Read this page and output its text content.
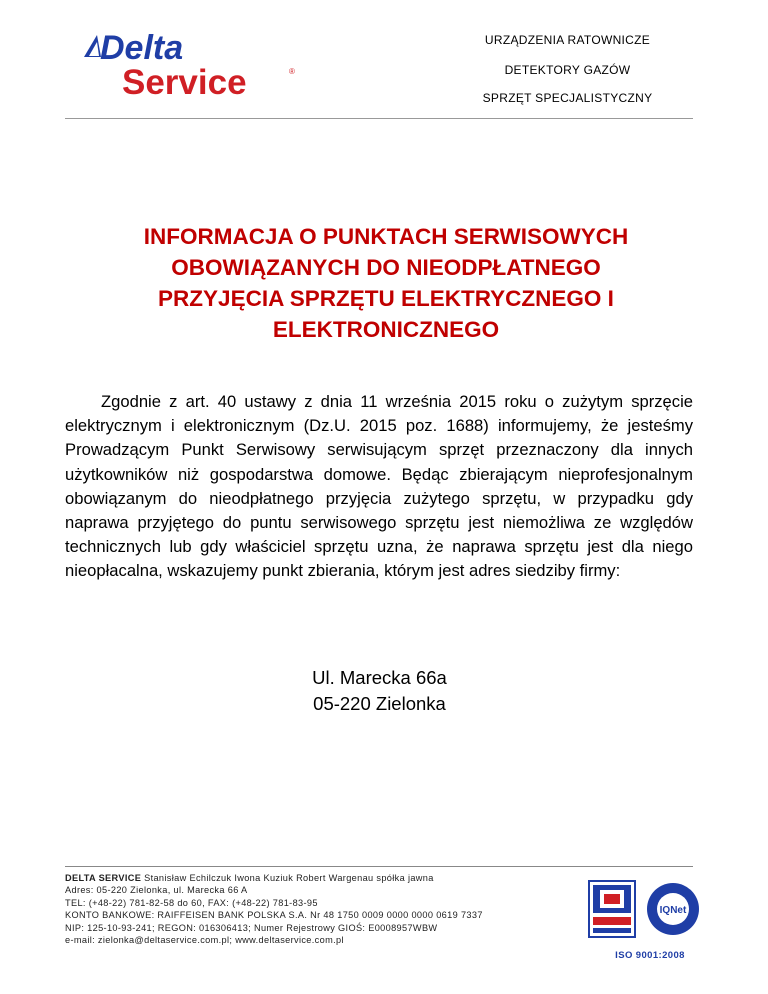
Delta
Service	®
URZĄDZENIA RATOWNICZE
DETEKTORY GAZÓW
SPRZĘT SPECJALISTYCZNY
INFORMACJA O PUNKTACH SERWISOWYCH
OBOWIĄZANYCH DO NIEODPŁATNEGO
PRZYJĘCIA SPRZĘTU ELEKTRYCZNEGO I
ELEKTRONICZNEGO

Zgodnie z art. 40 ustawy z dnia 11 września 2015 roku o zużytym sprzęcie elektrycznym i elektronicznym (Dz.U. 2015 poz. 1688) informujemy, że jesteśmy Prowadzącym Punkt Serwisowy serwisującym sprzęt przeznaczony dla innych użytkowników niż gospodarstwa domowe. Będąc zbierającym nieprofesjonalnym obowiązanym do nieodpłatnego przyjęcia zużytego sprzętu, w przypadku gdy naprawa przyjętego do puntu serwisowego sprzętu jest niemożliwa ze względów technicznych lub gdy właściciel sprzętu uzna, że naprawa sprzętu jest dla niego nieopłacalna, wskazujemy punkt zbierania, którym jest adres siedziby firmy:

Ul. Marecka 66a
05-220 Zielonka
DELTA SERVICE Stanisław Echilczuk Iwona Kuziuk Robert Wargenau spółka jawna
Adres: 05-220 Zielonka, ul. Marecka 66 A
TEL: (+48-22) 781-82-58 do 60, FAX: (+48-22) 781-83-95
KONTO BANKOWE: RAIFFEISEN BANK POLSKA S.A. Nr 48 1750 0009 0000 0000 0619 7337
NIP: 125-10-93-241; REGON: 016306413; Numer Rejestrowy GIOŚ: E0008957WBW
e-mail: zielonka@deltaservice.com.pl; www.deltaservice.com.pl
IQNet
ISO 9001:2008
